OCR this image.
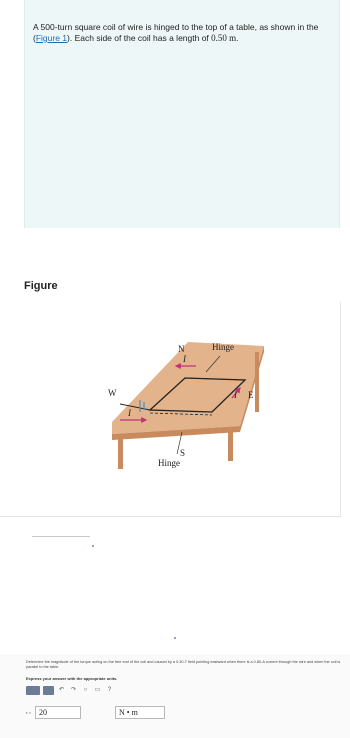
A 500-turn square coil of wire is hinged to the top of a table, as shown in the (Figure 1). Each side of the coil has a length of 0.50 m.
Figure
N	Hinge
I
W	I E
I
S
Hinge
Determine the magnitude of the torque acting on the free end of the coil and caused by a 0.30-T field pointing eastward when there is a 0.80-A current through the wire and when the coil is parallel to the table.
Express your answer with the appropriate units.
↶	↷	○	▭	?
τ =	20	N • m
